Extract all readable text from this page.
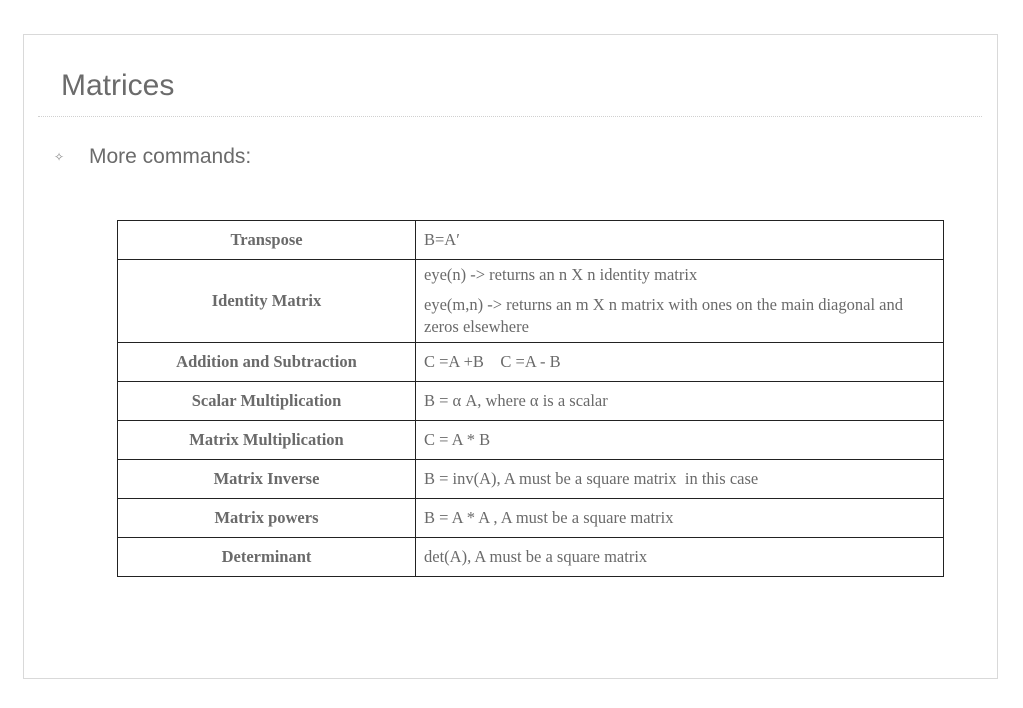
Matrices
✧	More commands:
Transpose	B=A′

Identity Matrix	eye(n) -> returns an n X n identity matrix

eye(m,n) -> returns an m X n matrix with ones on the main diagonal and zeros elsewhere

Addition and Subtraction	C =A +B    C =A - B

Scalar Multiplication	B = α A, where α is a scalar

Matrix Multiplication	C = A * B

Matrix Inverse	B = inv(A), A must be a square matrix  in this case

Matrix powers	B = A * A , A must be a square matrix

Determinant	det(A), A must be a square matrix
